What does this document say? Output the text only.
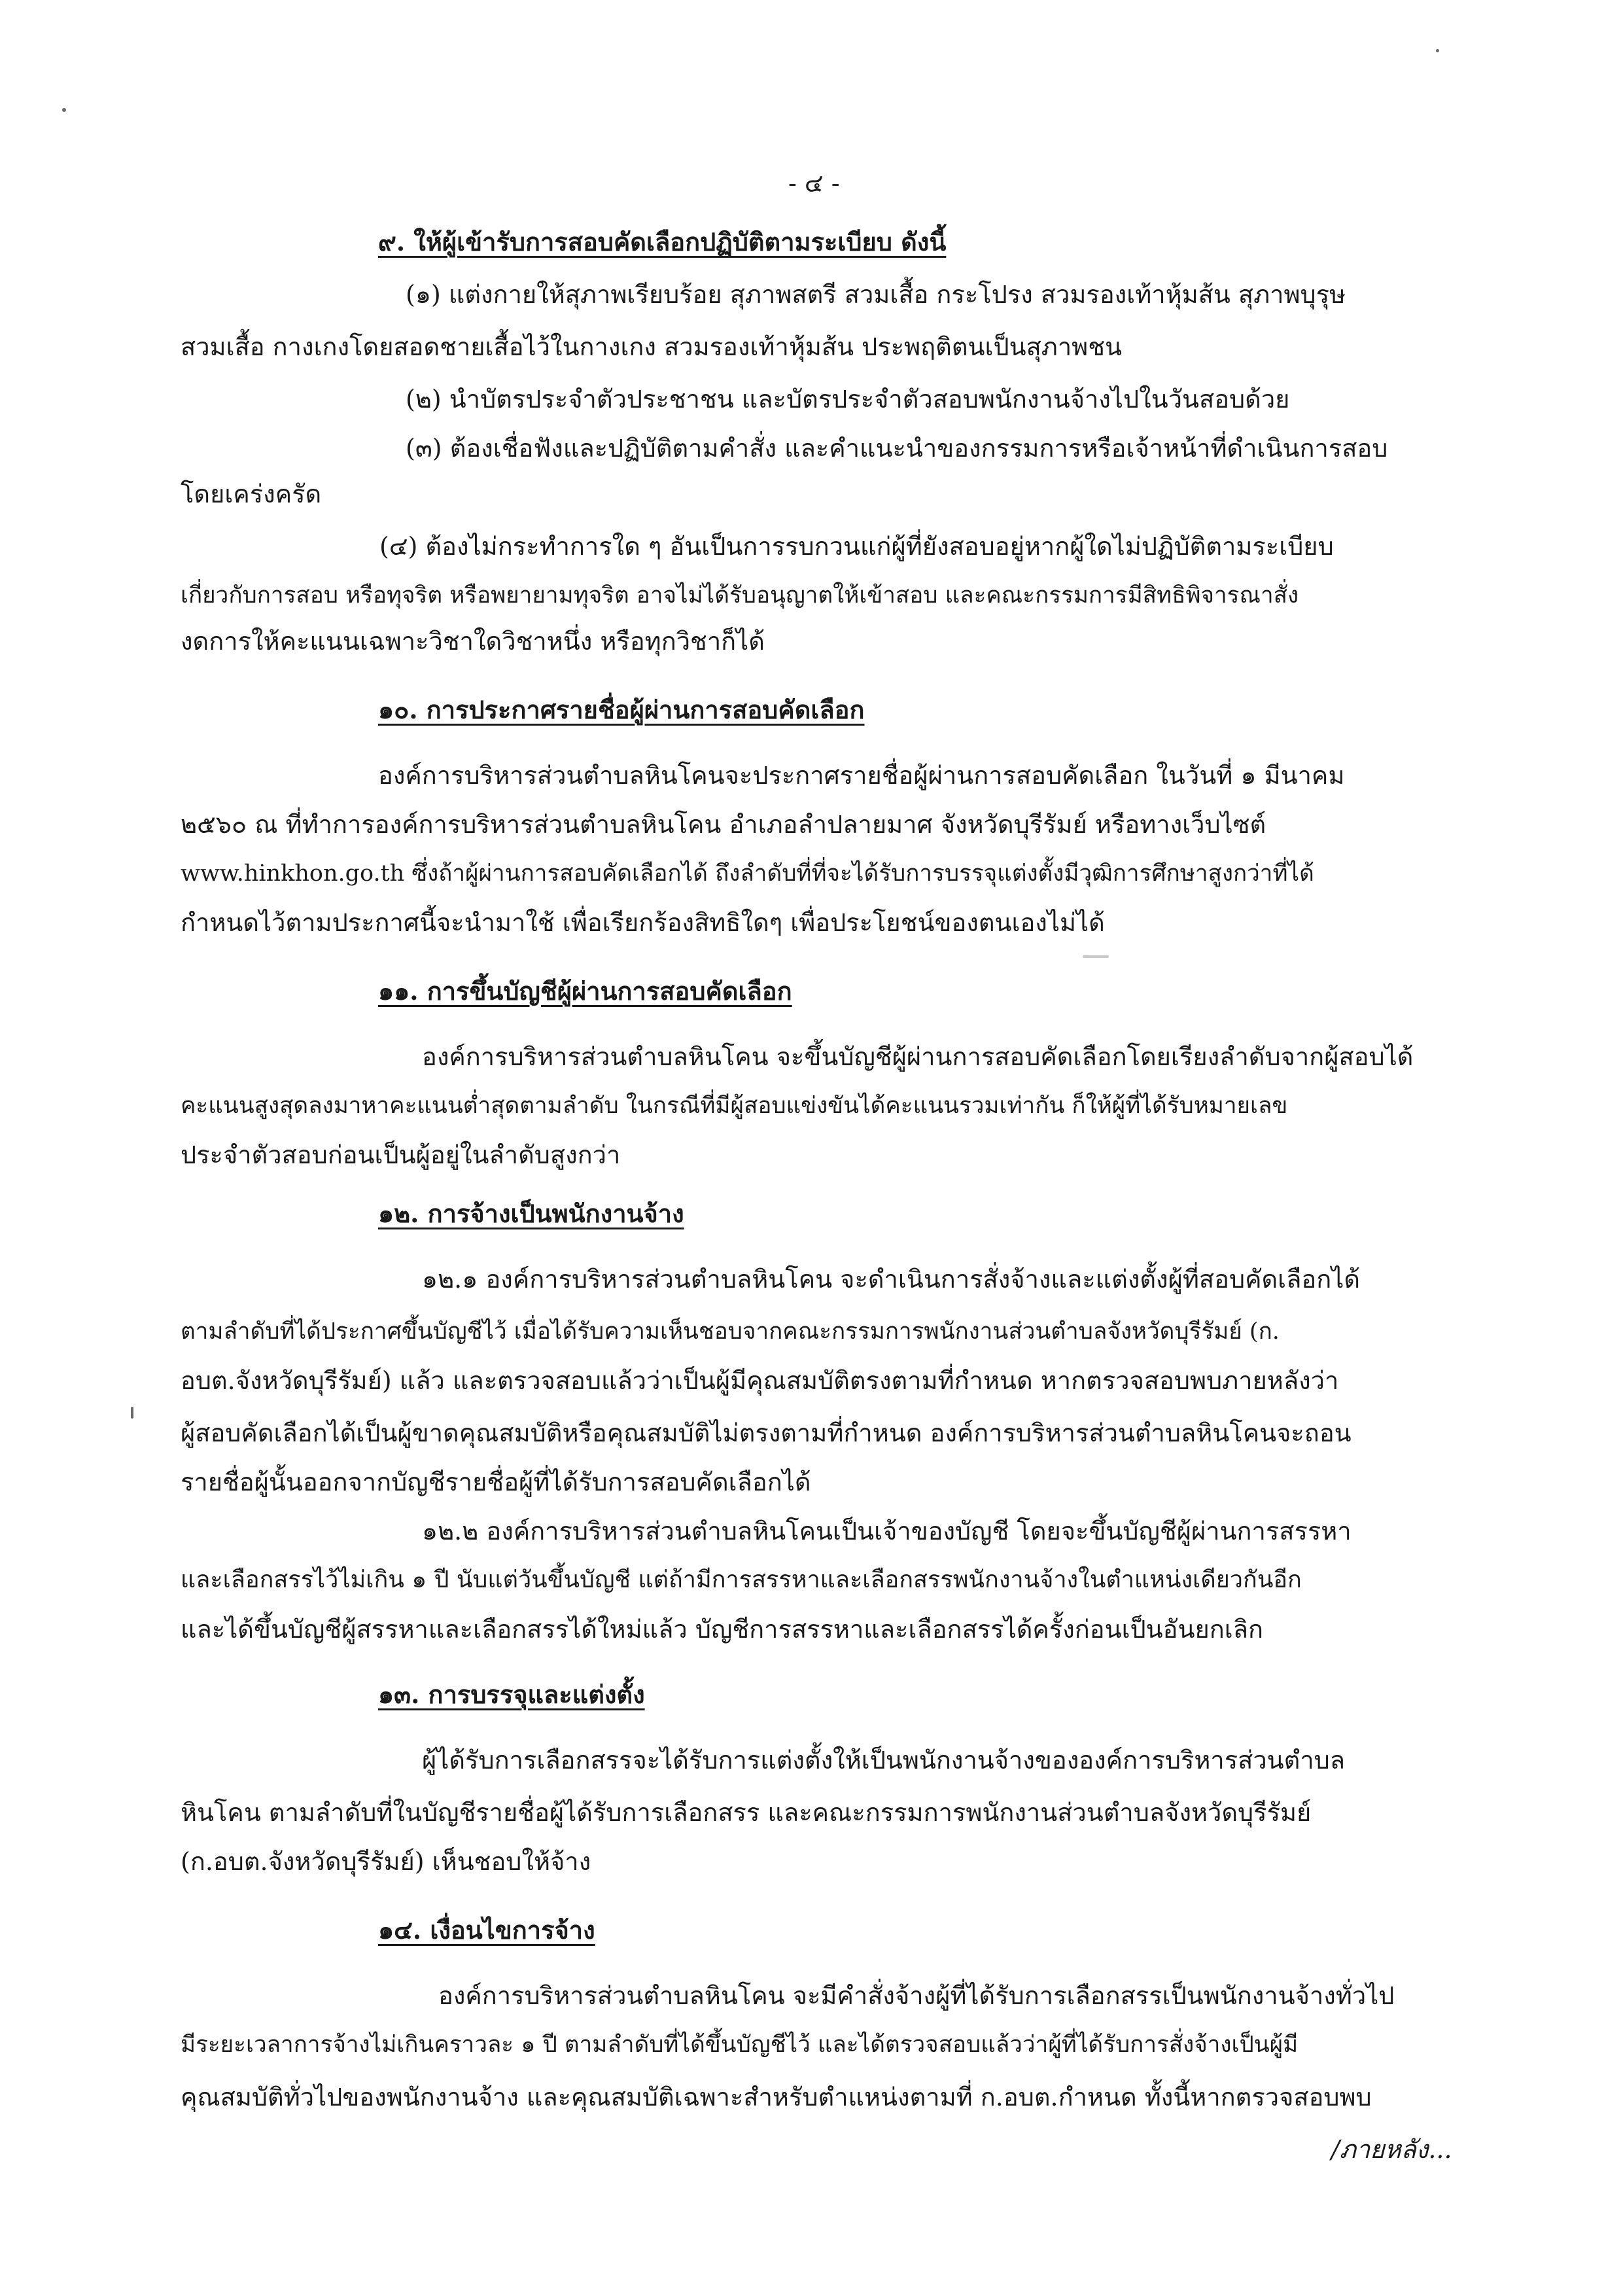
- ๔ -
๙. ให้ผู้เข้ารับการสอบคัดเลือกปฏิบัติตามระเบียบ ดังนี้
(๑) แต่งกายให้สุภาพเรียบร้อย สุภาพสตรี สวมเสื้อ กระโปรง สวมรองเท้าหุ้มส้น สุภาพบุรุษ
สวมเสื้อ กางเกงโดยสอดชายเสื้อไว้ในกางเกง สวมรองเท้าหุ้มส้น ประพฤติตนเป็นสุภาพชน
(๒) นำบัตรประจำตัวประชาชน และบัตรประจำตัวสอบพนักงานจ้างไปในวันสอบด้วย
(๓) ต้องเชื่อฟังและปฏิบัติตามคำสั่ง และคำแนะนำของกรรมการหรือเจ้าหน้าที่ดำเนินการสอบ
โดยเคร่งครัด
(๔) ต้องไม่กระทำการใด ๆ อันเป็นการรบกวนแก่ผู้ที่ยังสอบอยู่หากผู้ใดไม่ปฏิบัติตามระเบียบ
เกี่ยวกับการสอบ หรือทุจริต หรือพยายามทุจริต อาจไม่ได้รับอนุญาตให้เข้าสอบ และคณะกรรมการมีสิทธิพิจารณาสั่ง
งดการให้คะแนนเฉพาะวิชาใดวิชาหนึ่ง หรือทุกวิชาก็ได้
๑๐. การประกาศรายชื่อผู้ผ่านการสอบคัดเลือก
องค์การบริหารส่วนตำบลหินโคนจะประกาศรายชื่อผู้ผ่านการสอบคัดเลือก ในวันที่ ๑ มีนาคม
๒๕๖๐ ณ ที่ทำการองค์การบริหารส่วนตำบลหินโคน อำเภอลำปลายมาศ จังหวัดบุรีรัมย์ หรือทางเว็บไซต์
www.hinkhon.go.th ซึ่งถ้าผู้ผ่านการสอบคัดเลือกได้ ถึงลำดับที่ที่จะได้รับการบรรจุแต่งตั้งมีวุฒิการศึกษาสูงกว่าที่ได้
กำหนดไว้ตามประกาศนี้จะนำมาใช้ เพื่อเรียกร้องสิทธิใดๆ เพื่อประโยชน์ของตนเองไม่ได้
๑๑. การขึ้นบัญชีผู้ผ่านการสอบคัดเลือก
องค์การบริหารส่วนตำบลหินโคน จะขึ้นบัญชีผู้ผ่านการสอบคัดเลือกโดยเรียงลำดับจากผู้สอบได้
คะแนนสูงสุดลงมาหาคะแนนต่ำสุดตามลำดับ ในกรณีที่มีผู้สอบแข่งขันได้คะแนนรวมเท่ากัน ก็ให้ผู้ที่ได้รับหมายเลข
ประจำตัวสอบก่อนเป็นผู้อยู่ในลำดับสูงกว่า
๑๒. การจ้างเป็นพนักงานจ้าง
๑๒.๑ องค์การบริหารส่วนตำบลหินโคน จะดำเนินการสั่งจ้างและแต่งตั้งผู้ที่สอบคัดเลือกได้
ตามลำดับที่ได้ประกาศขึ้นบัญชีไว้ เมื่อได้รับความเห็นชอบจากคณะกรรมการพนักงานส่วนตำบลจังหวัดบุรีรัมย์ (ก.
อบต.จังหวัดบุรีรัมย์) แล้ว และตรวจสอบแล้วว่าเป็นผู้มีคุณสมบัติตรงตามที่กำหนด หากตรวจสอบพบภายหลังว่า
ผู้สอบคัดเลือกได้เป็นผู้ขาดคุณสมบัติหรือคุณสมบัติไม่ตรงตามที่กำหนด องค์การบริหารส่วนตำบลหินโคนจะถอน
รายชื่อผู้นั้นออกจากบัญชีรายชื่อผู้ที่ได้รับการสอบคัดเลือกได้
๑๒.๒ องค์การบริหารส่วนตำบลหินโคนเป็นเจ้าของบัญชี โดยจะขึ้นบัญชีผู้ผ่านการสรรหา
และเลือกสรรไว้ไม่เกิน ๑ ปี นับแต่วันขึ้นบัญชี แต่ถ้ามีการสรรหาและเลือกสรรพนักงานจ้างในตำแหน่งเดียวกันอีก
และได้ขึ้นบัญชีผู้สรรหาและเลือกสรรได้ใหม่แล้ว บัญชีการสรรหาและเลือกสรรได้ครั้งก่อนเป็นอันยกเลิก
๑๓. การบรรจุและแต่งตั้ง
ผู้ได้รับการเลือกสรรจะได้รับการแต่งตั้งให้เป็นพนักงานจ้างขององค์การบริหารส่วนตำบล
หินโคน ตามลำดับที่ในบัญชีรายชื่อผู้ได้รับการเลือกสรร และคณะกรรมการพนักงานส่วนตำบลจังหวัดบุรีรัมย์
(ก.อบต.จังหวัดบุรีรัมย์) เห็นชอบให้จ้าง
๑๔. เงื่อนไขการจ้าง
องค์การบริหารส่วนตำบลหินโคน จะมีคำสั่งจ้างผู้ที่ได้รับการเลือกสรรเป็นพนักงานจ้างทั่วไป
มีระยะเวลาการจ้างไม่เกินคราวละ ๑ ปี ตามลำดับที่ได้ขึ้นบัญชีไว้ และได้ตรวจสอบแล้วว่าผู้ที่ได้รับการสั่งจ้างเป็นผู้มี
คุณสมบัติทั่วไปของพนักงานจ้าง และคุณสมบัติเฉพาะสำหรับตำแหน่งตามที่ ก.อบต.กำหนด ทั้งนี้หากตรวจสอบพบ
/ภายหลัง...
